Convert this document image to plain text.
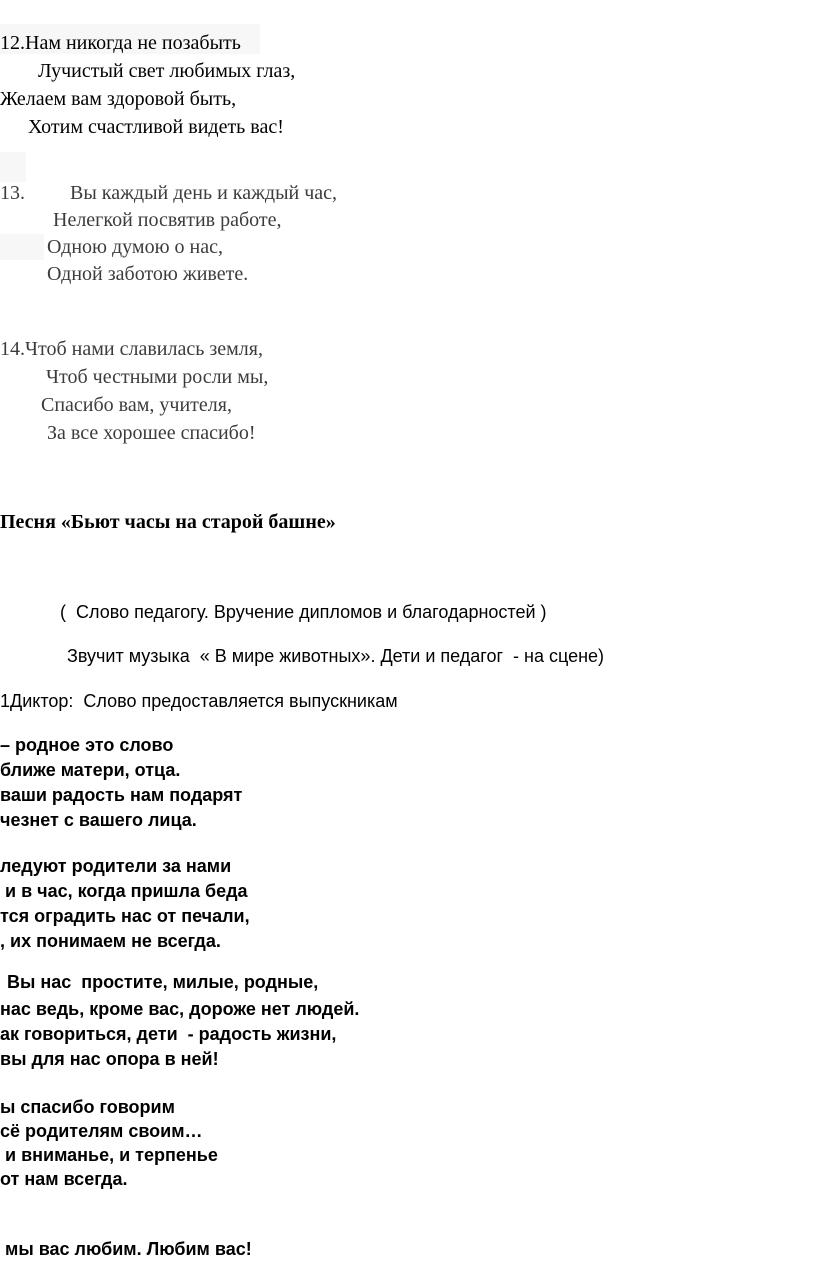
12.Нам никогда не позабыть
Лучистый свет любимых глаз,
Желаем вам здоровой быть,
Хотим счастливой видеть вас!
13. Вы каждый день и каждый час,
Нелегкой посвятив работе,
Одною думою о нас,
Одной заботою живете.
14.Чтоб нами славилась земля,
Чтоб честными росли мы,
Спасибо вам, учителя,
За все хорошее спасибо!
Песня «Бьют часы на старой башне»
(  Слово педагогу. Вручение дипломов и благодарностей )
Звучит музыка  « В мире животных». Дети и педагог  - на сцене)
1Диктор:  Слово предоставляется выпускникам
– родное это слово
ближе матери, отца.
ваши радость нам подарят
чезнет с вашего лица.
ледуют родители за нами
и в час, когда пришла беда
тся оградить нас от печали,
, их понимаем не всегда.
Вы нас  простите, милые, родные,
нас ведь, кроме вас, дороже нет людей.
ак говориться, дети  - радость жизни,
вы для нас опора в ней!
ы спасибо говорим
сё родителям своим…
и вниманье, и терпенье
от нам всегда.
мы вас любим. Любим вас!
